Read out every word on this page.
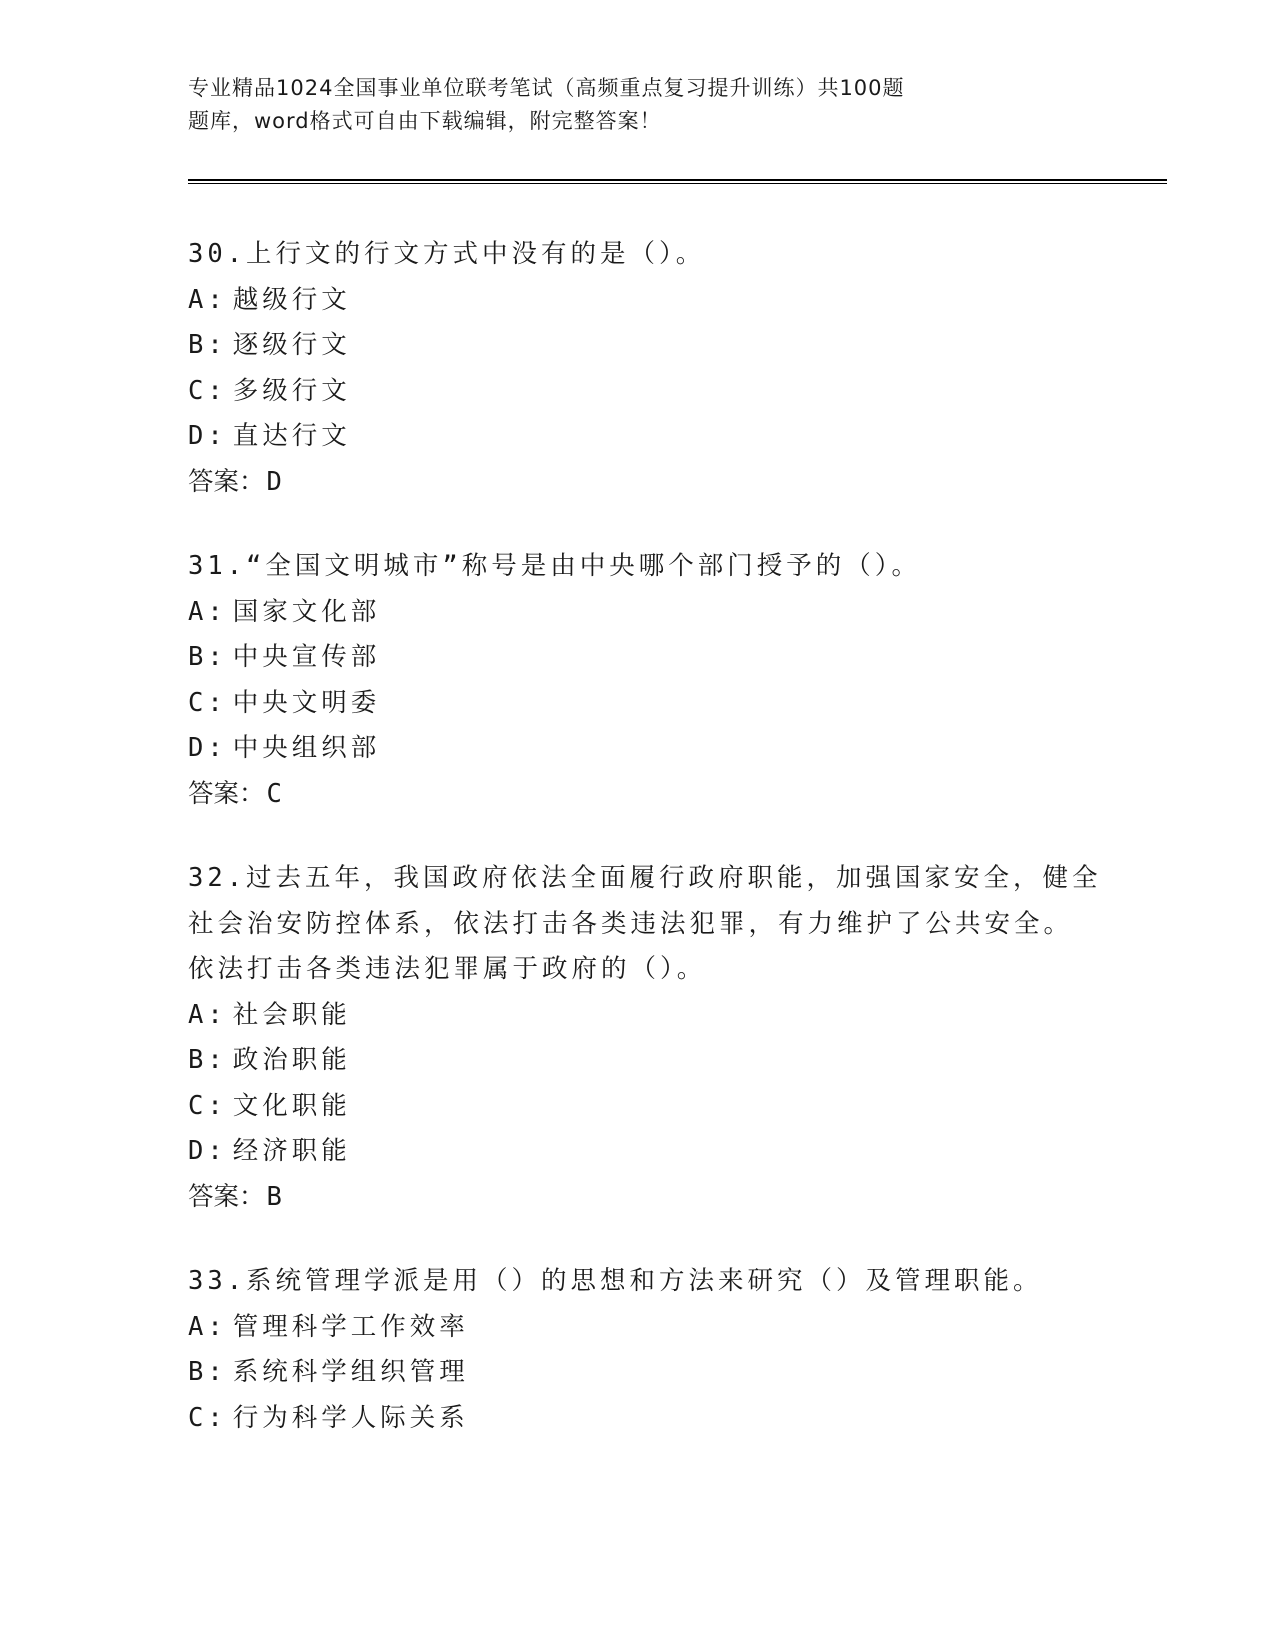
专业精品1024全国事业单位联考笔试（高频重点复习提升训练）共100题
题库，word格式可自由下载编辑，附完整答案！
30.上行文的行文方式中没有的是（）。
A: 越级行文
B: 逐级行文
C: 多级行文
D: 直达行文
答案：D
31.“全国文明城市”称号是由中央哪个部门授予的（）。
A: 国家文化部
B: 中央宣传部
C: 中央文明委
D: 中央组织部
答案：C
32.过去五年，我国政府依法全面履行政府职能，加强国家安全，健全
社会治安防控体系，依法打击各类违法犯罪，有力维护了公共安全。
依法打击各类违法犯罪属于政府的（）。
A: 社会职能
B: 政治职能
C: 文化职能
D: 经济职能
答案：B
33.系统管理学派是用（）的思想和方法来研究（）及管理职能。
A: 管理科学工作效率
B: 系统科学组织管理
C: 行为科学人际关系
